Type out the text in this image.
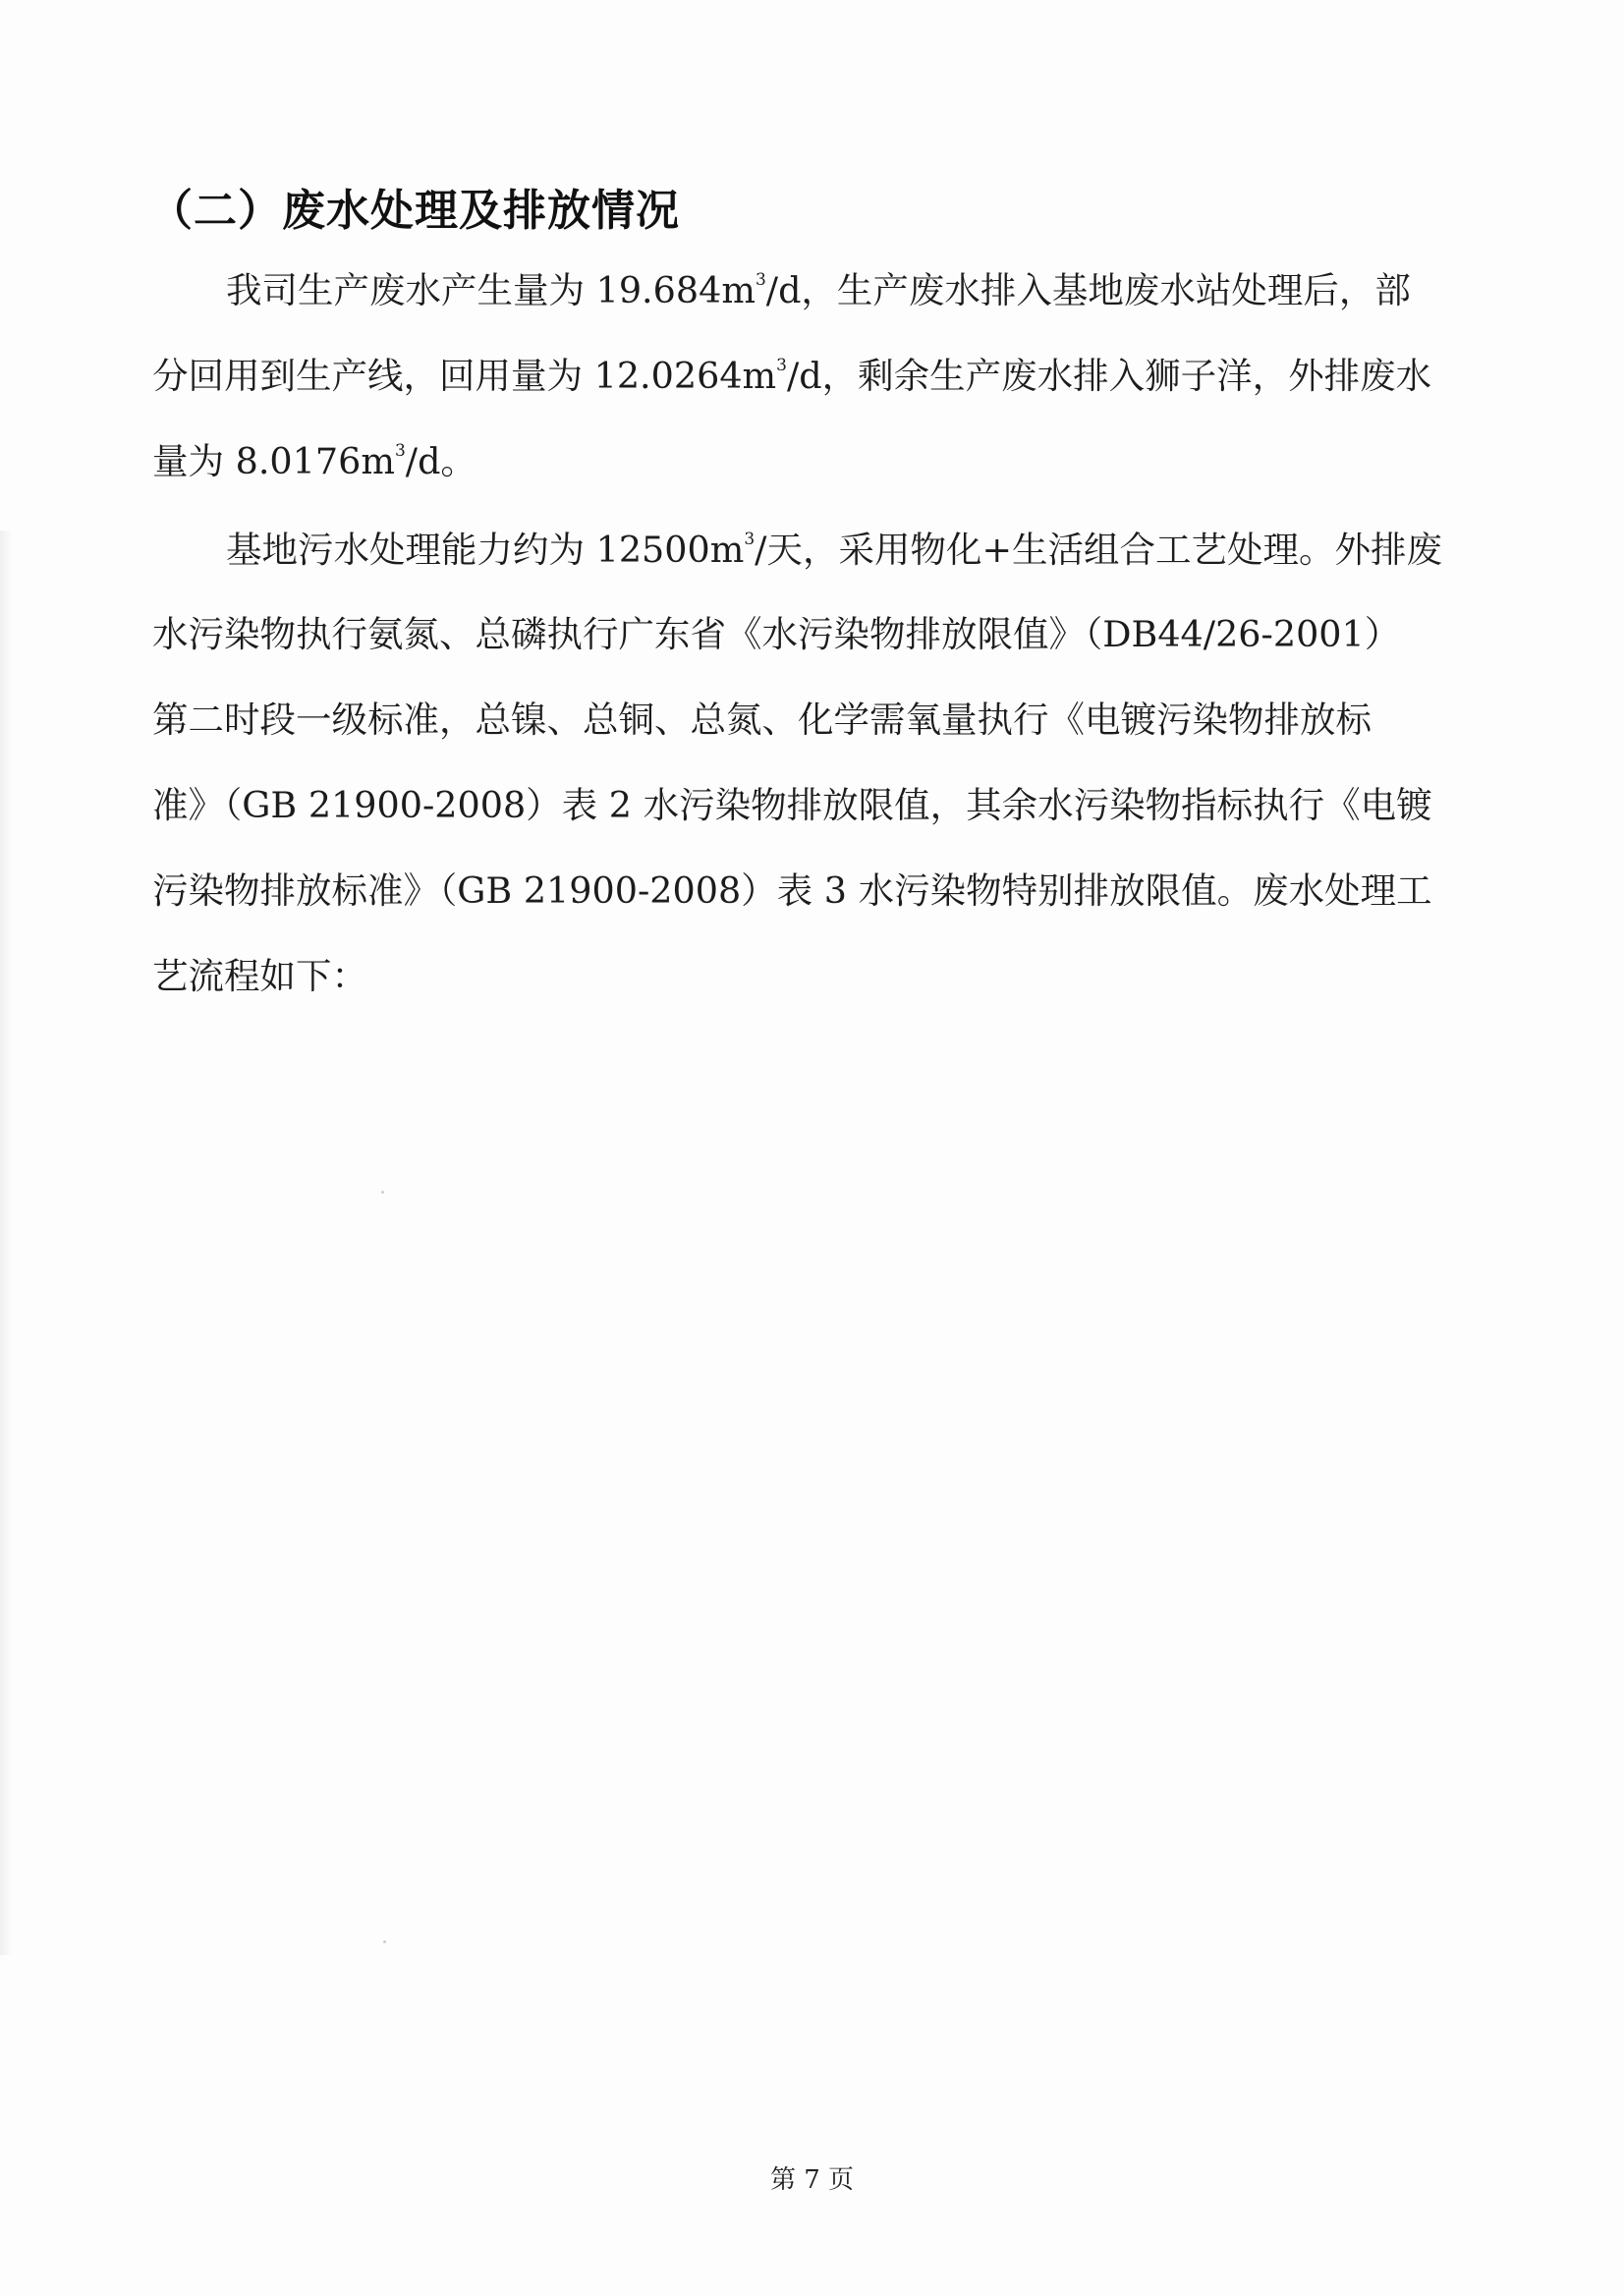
（二）废水处理及排放情况
我司生产废水产生量为 $19.684m^3/d$，生产废水排入基地废水站处理后，部
分回用到生产线，回用量为 $12.0264m^3/d$，剩余生产废水排入狮子洋，外排废水
量为 $8.0176m^3/d$。
基地污水处理能力约为 $12500m^3/$天，采用物化+生活组合工艺处理。外排废
水污染物执行氨氮、总磷执行广东省《水污染物排放限值》（DB44/26-2001）
第二时段一级标准，总镍、总铜、总氮、化学需氧量执行《电镀污染物排放标
准》（GB 21900-2008）表 2 水污染物排放限值，其余水污染物指标执行《电镀
污染物排放标准》（GB 21900-2008）表 3 水污染物特别排放限值。废水处理工
艺流程如下：
第 7 页
